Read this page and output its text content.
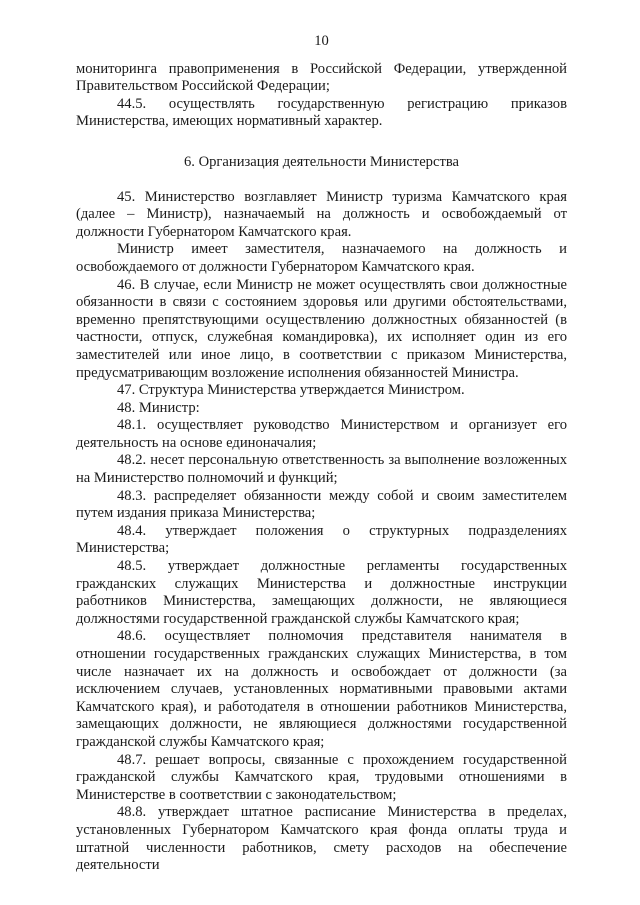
10

мониторинга правоприменения в Российской Федерации, утвержденной Правительством Российской Федерации;

44.5. осуществлять государственную регистрацию приказов Министерства, имеющих нормативный характер.

6. Организация деятельности Министерства

45. Министерство возглавляет Министр туризма Камчатского края (далее – Министр), назначаемый на должность и освобождаемый от должности Губернатором Камчатского края.

Министр имеет заместителя, назначаемого на должность и освобождаемого от должности Губернатором Камчатского края.

46. В случае, если Министр не может осуществлять свои должностные обязанности в связи с состоянием здоровья или другими обстоятельствами, временно препятствующими осуществлению должностных обязанностей (в частности, отпуск, служебная командировка), их исполняет один из его заместителей или иное лицо, в соответствии с приказом Министерства, предусматривающим возложение исполнения обязанностей Министра.

47. Структура Министерства утверждается Министром.

48. Министр:

48.1. осуществляет руководство Министерством и организует его деятельность на основе единоначалия;

48.2. несет персональную ответственность за выполнение возложенных на Министерство полномочий и функций;

48.3. распределяет обязанности между собой и своим заместителем путем издания приказа Министерства;

48.4. утверждает положения о структурных подразделениях Министерства;

48.5. утверждает должностные регламенты государственных гражданских служащих Министерства и должностные инструкции работников Министерства, замещающих должности, не являющиеся должностями государственной гражданской службы Камчатского края;

48.6. осуществляет полномочия представителя нанимателя в отношении государственных гражданских служащих Министерства, в том числе назначает их на должность и освобождает от должности (за исключением случаев, установленных нормативными правовыми актами Камчатского края), и работодателя в отношении работников Министерства, замещающих должности, не являющиеся должностями государственной гражданской службы Камчатского края;

48.7. решает вопросы, связанные с прохождением государственной гражданской службы Камчатского края, трудовыми отношениями в Министерстве в соответствии с законодательством;

48.8. утверждает штатное расписание Министерства в пределах, установленных Губернатором Камчатского края фонда оплаты труда и штатной численности работников, смету расходов на обеспечение деятельности
